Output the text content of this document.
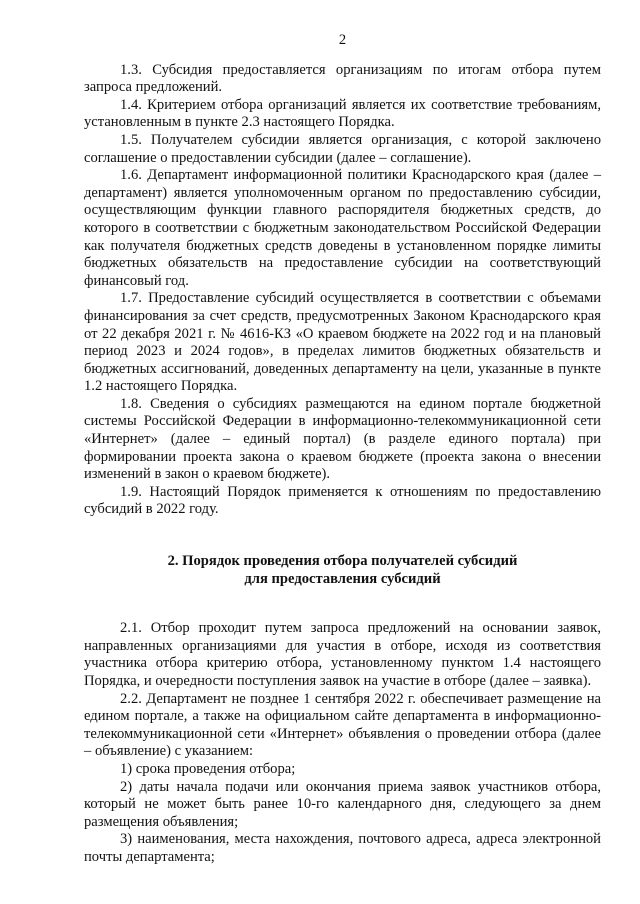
2

1.3. Субсидия предоставляется организациям по итогам отбора путем запроса предложений.

1.4. Критерием отбора организаций является их соответствие требованиям, установленным в пункте 2.3 настоящего Порядка.

1.5. Получателем субсидии является организация, с которой заключено соглашение о предоставлении субсидии (далее – соглашение).

1.6. Департамент информационной политики Краснодарского края (далее – департамент) является уполномоченным органом по предоставлению субсидии, осуществляющим функции главного распорядителя бюджетных средств, до которого в соответствии с бюджетным законодательством Российской Федерации как получателя бюджетных средств доведены в установленном порядке лимиты бюджетных обязательств на предоставление субсидии на соответствующий финансовый год.

1.7. Предоставление субсидий осуществляется в соответствии с объемами финансирования за счет средств, предусмотренных Законом Краснодарского края от 22 декабря 2021 г. № 4616-КЗ «О краевом бюджете на 2022 год и на плановый период 2023 и 2024 годов», в пределах лимитов бюджетных обязательств и бюджетных ассигнований, доведенных департаменту на цели, указанные в пункте 1.2 настоящего Порядка.

1.8. Сведения о субсидиях размещаются на едином портале бюджетной системы Российской Федерации в информационно-телекоммуникационной сети «Интернет» (далее – единый портал) (в разделе единого портала) при формировании проекта закона о краевом бюджете (проекта закона о внесении изменений в закон о краевом бюджете).

1.9. Настоящий Порядок применяется к отношениям по предоставлению субсидий в 2022 году.

2. Порядок проведения отбора получателей субсидий
для предоставления субсидий

2.1. Отбор проходит путем запроса предложений на основании заявок, направленных организациями для участия в отборе, исходя из соответствия участника отбора критерию отбора, установленному пунктом 1.4 настоящего Порядка, и очередности поступления заявок на участие в отборе (далее – заявка).

2.2. Департамент не позднее 1 сентября 2022 г. обеспечивает размещение на едином портале, а также на официальном сайте департамента в информационно-телекоммуникационной сети «Интернет» объявления о проведении отбора (далее – объявление) с указанием:

1) срока проведения отбора;

2) даты начала подачи или окончания приема заявок участников отбора, который не может быть ранее 10-го календарного дня, следующего за днем размещения объявления;

3) наименования, места нахождения, почтового адреса, адреса электронной почты департамента;
